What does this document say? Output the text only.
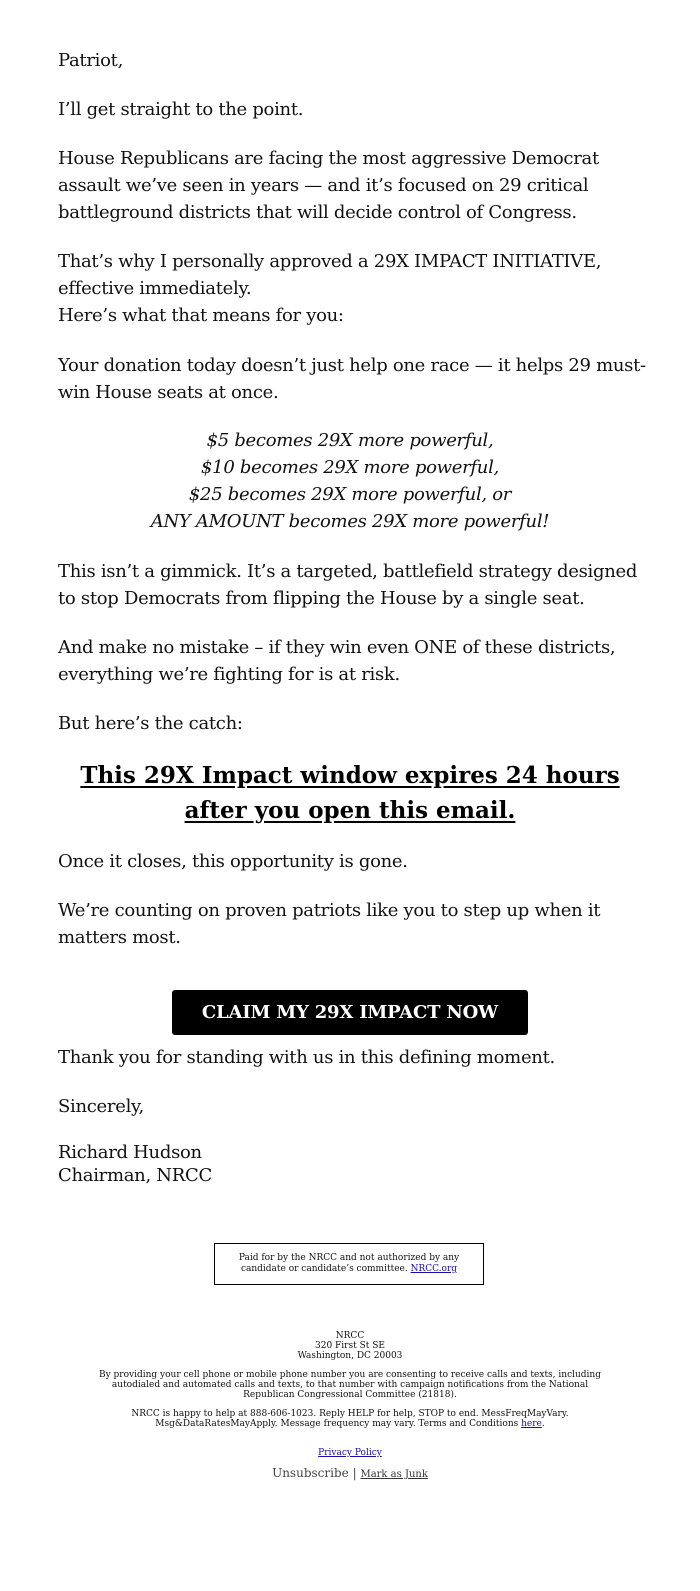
Patriot,

I’ll get straight to the point.

House Republicans are facing the most aggressive Democrat assault we’ve seen in years — and it’s focused on 29 critical battleground districts that will decide control of Congress.

That’s why I personally approved a 29X IMPACT INITIATIVE, effective immediately.
Here’s what that means for you:

Your donation today doesn’t just help one race — it helps 29 must-win House seats at once.

$5 becomes 29X more powerful,
$10 becomes 29X more powerful,
$25 becomes 29X more powerful, or
ANY AMOUNT becomes 29X more powerful!

This isn’t a gimmick. It’s a targeted, battlefield strategy designed to stop Democrats from flipping the House by a single seat.

And make no mistake – if they win even ONE of these districts, everything we’re fighting for is at risk.

But here’s the catch:

This 29X Impact window expires 24 hours
after you open this email.

Once it closes, this opportunity is gone.

We’re counting on proven patriots like you to step up when it matters most.

CLAIM MY 29X IMPACT NOW

Thank you for standing with us in this defining moment.

Sincerely,

Richard Hudson
Chairman, NRCC
Paid for by the NRCC and not authorized by any candidate or candidate’s committee. NRCC.org
NRCC
320 First St SE
Washington, DC 20003
By providing your cell phone or mobile phone number you are consenting to receive calls and texts, including autodialed and automated calls and texts, to that number with campaign notifications from the National Republican Congressional Committee (21818).
NRCC is happy to help at 888-606-1023. Reply HELP for help, STOP to end. MessFreqMayVary. Msg&DataRatesMayApply. Message frequency may vary. Terms and Conditions here.
Privacy Policy
Unsubscribe | Mark as Junk
